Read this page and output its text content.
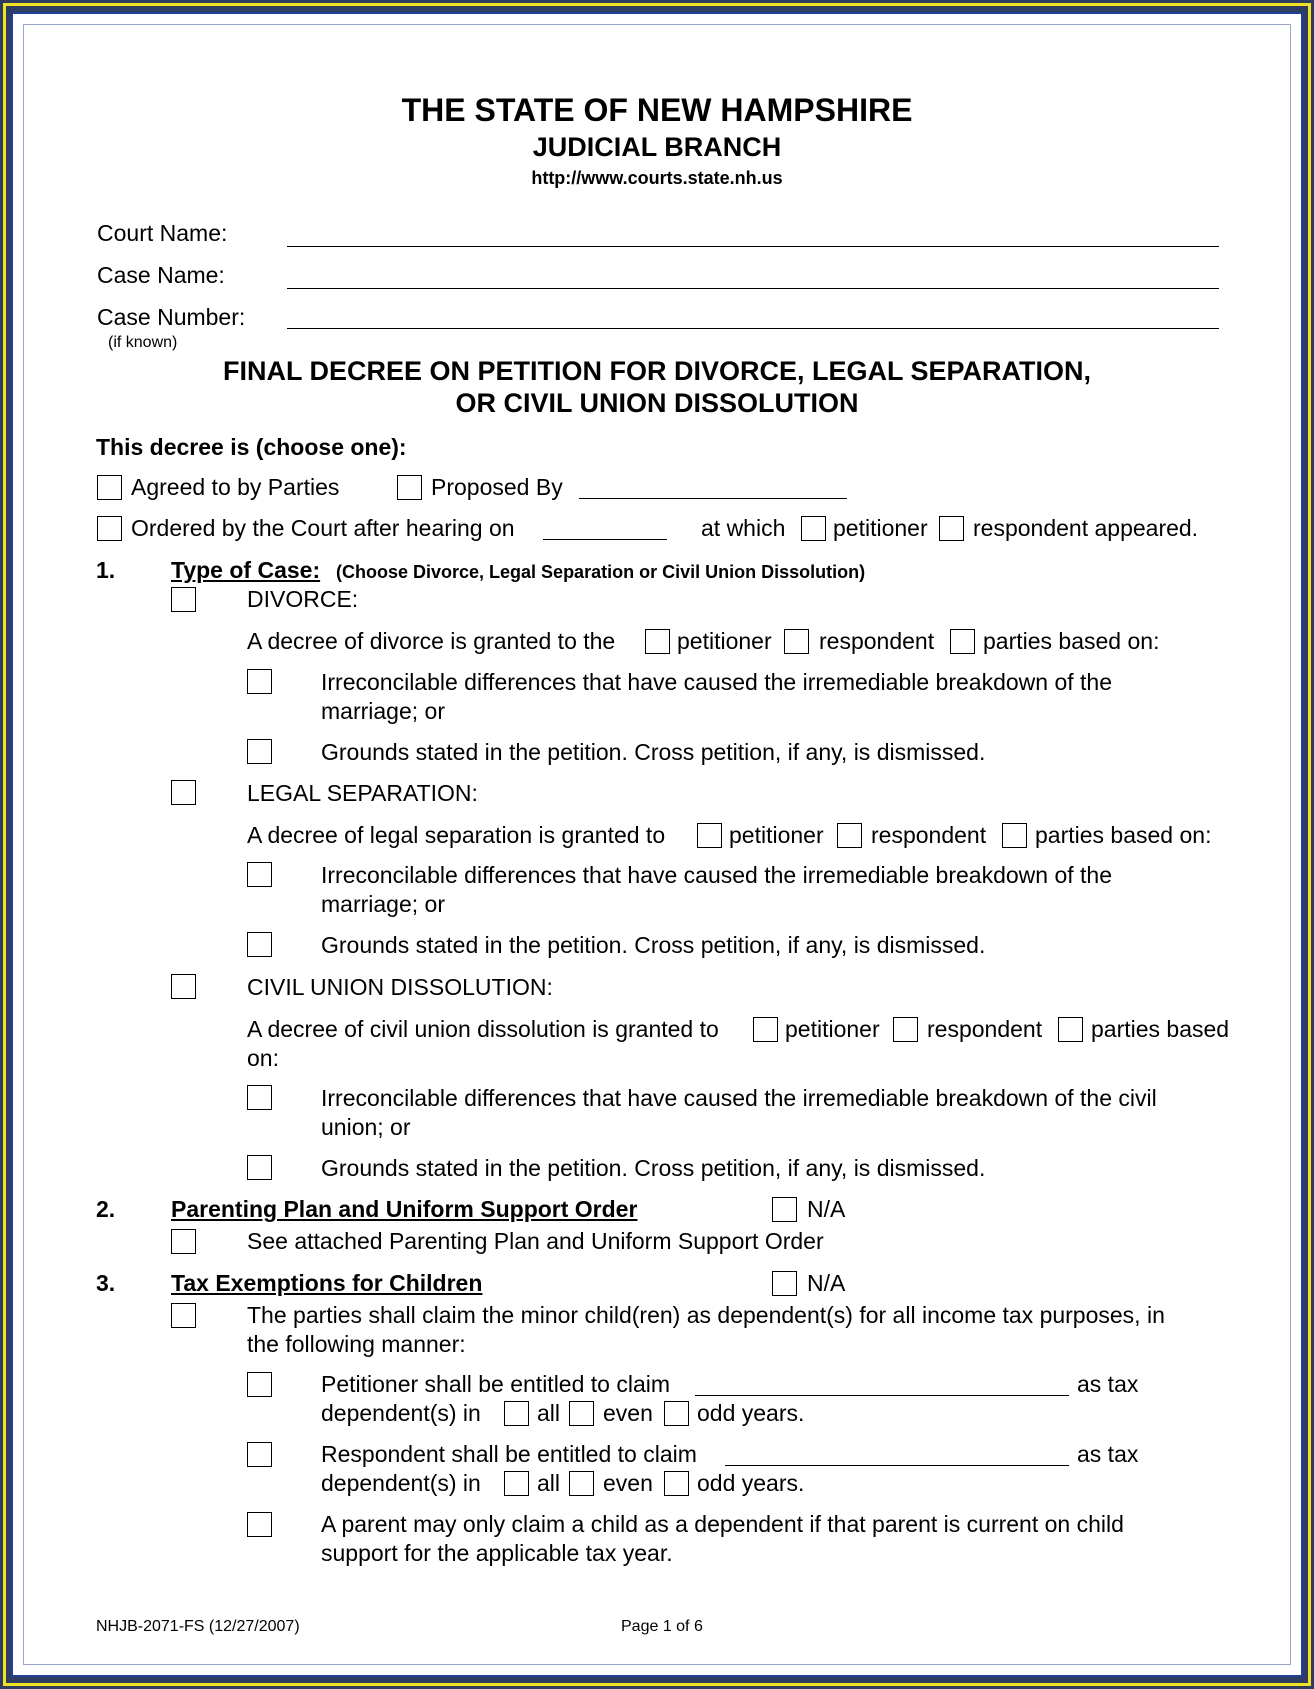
THE STATE OF NEW HAMPSHIRE
JUDICIAL BRANCH
http://www.courts.state.nh.us
Court Name:
Case Name:
Case Number:
(if known)
FINAL DECREE ON PETITION FOR DIVORCE, LEGAL SEPARATION,
OR CIVIL UNION DISSOLUTION
This decree is (choose one):
Agreed to by Parties	Proposed By
Ordered by the Court after hearing on	at which petitioner respondent appeared.
1. Type of Case: (Choose Divorce, Legal Separation or Civil Union Dissolution)
DIVORCE:
A decree of divorce is granted to the	petitioner respondent parties based on:
Irreconcilable differences that have caused the irremediable breakdown of the
marriage; or
Grounds stated in the petition. Cross petition, if any, is dismissed.
LEGAL SEPARATION:
A decree of legal separation is granted to	petitioner respondent parties based on:
Irreconcilable differences that have caused the irremediable breakdown of the
marriage; or
Grounds stated in the petition. Cross petition, if any, is dismissed.
CIVIL UNION DISSOLUTION:
A decree of civil union dissolution is granted to	petitioner respondent parties based
on:
Irreconcilable differences that have caused the irremediable breakdown of the civil
union; or
Grounds stated in the petition. Cross petition, if any, is dismissed.
2. Parenting Plan and Uniform Support Order	N/A
See attached Parenting Plan and Uniform Support Order
3. Tax Exemptions for Children	N/A
The parties shall claim the minor child(ren) as dependent(s) for all income tax purposes, in
the following manner:
Petitioner shall be entitled to claim	as tax
dependent(s) in all even odd years.
Respondent shall be entitled to claim	as tax
dependent(s) in all even odd years.
A parent may only claim a child as a dependent if that parent is current on child
support for the applicable tax year.
NHJB-2071-FS (12/27/2007)	Page 1 of 6
